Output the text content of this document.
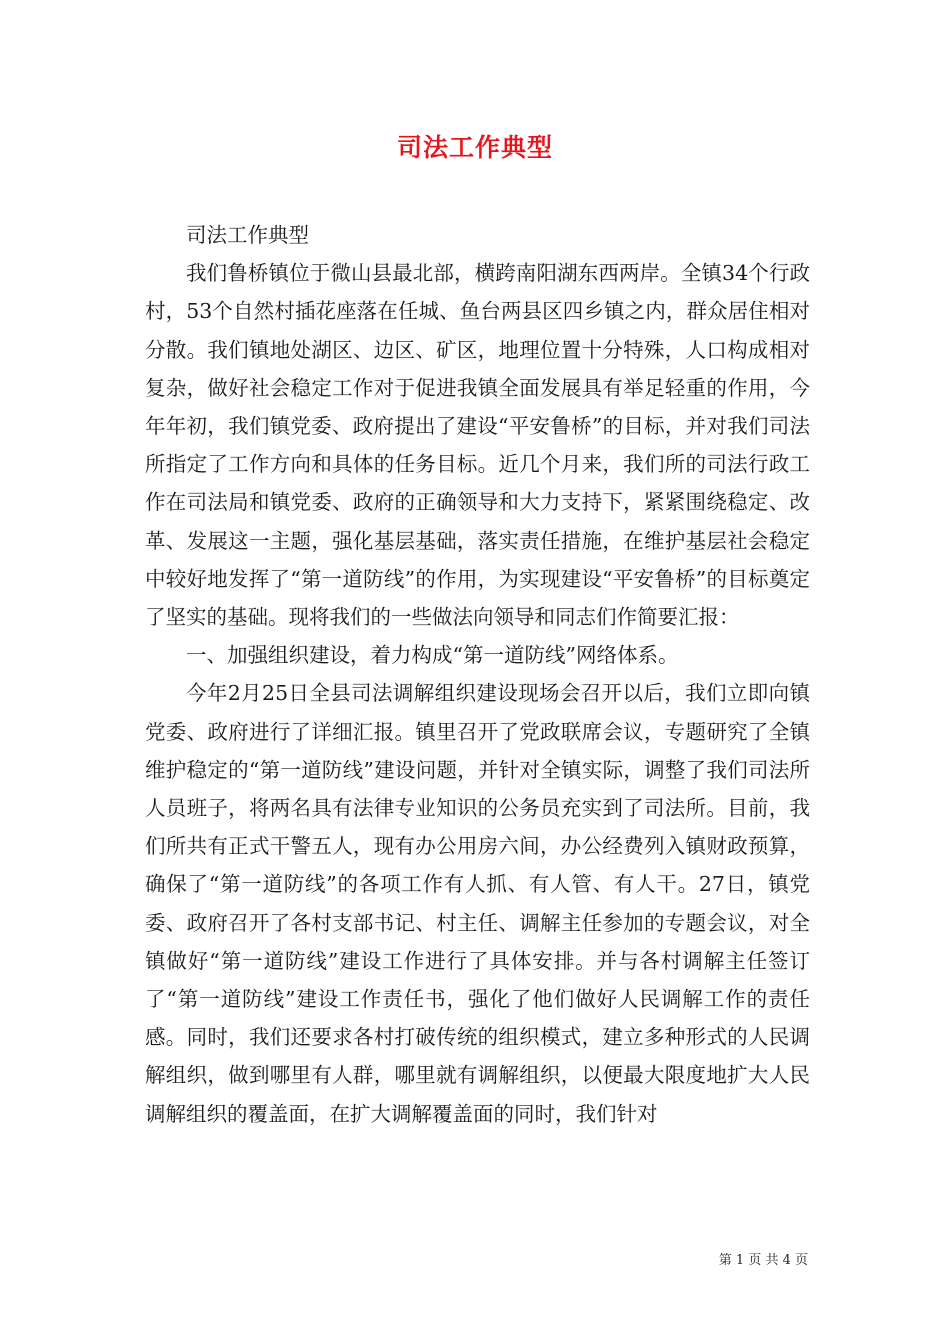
司法工作典型

司法工作典型

我们鲁桥镇位于微山县最北部，横跨南阳湖东西两岸。全镇34个行政村，53个自然村插花座落在任城、鱼台两县区四乡镇之内，群众居住相对分散。我们镇地处湖区、边区、矿区，地理位置十分特殊，人口构成相对复杂，做好社会稳定工作对于促进我镇全面发展具有举足轻重的作用，今年年初，我们镇党委、政府提出了建设“平安鲁桥”的目标，并对我们司法所指定了工作方向和具体的任务目标。近几个月来，我们所的司法行政工作在司法局和镇党委、政府的正确领导和大力支持下，紧紧围绕稳定、改革、发展这一主题，强化基层基础，落实责任措施，在维护基层社会稳定中较好地发挥了“第一道防线”的作用，为实现建设“平安鲁桥”的目标奠定了坚实的基础。现将我们的一些做法向领导和同志们作简要汇报：

一、加强组织建设，着力构成“第一道防线”网络体系。

今年2月25日全县司法调解组织建设现场会召开以后，我们立即向镇党委、政府进行了详细汇报。镇里召开了党政联席会议，专题研究了全镇维护稳定的“第一道防线”建设问题，并针对全镇实际，调整了我们司法所人员班子，将两名具有法律专业知识的公务员充实到了司法所。目前，我们所共有正式干警五人，现有办公用房六间，办公经费列入镇财政预算，确保了“第一道防线”的各项工作有人抓、有人管、有人干。27日，镇党委、政府召开了各村支部书记、村主任、调解主任参加的专题会议，对全镇做好“第一道防线”建设工作进行了具体安排。并与各村调解主任签订了“第一道防线”建设工作责任书，强化了他们做好人民调解工作的责任感。同时，我们还要求各村打破传统的组织模式，建立多种形式的人民调解组织，做到哪里有人群，哪里就有调解组织，以便最大限度地扩大人民调解组织的覆盖面，在扩大调解覆盖面的同时，我们针对

第 1 页 共 4 页
